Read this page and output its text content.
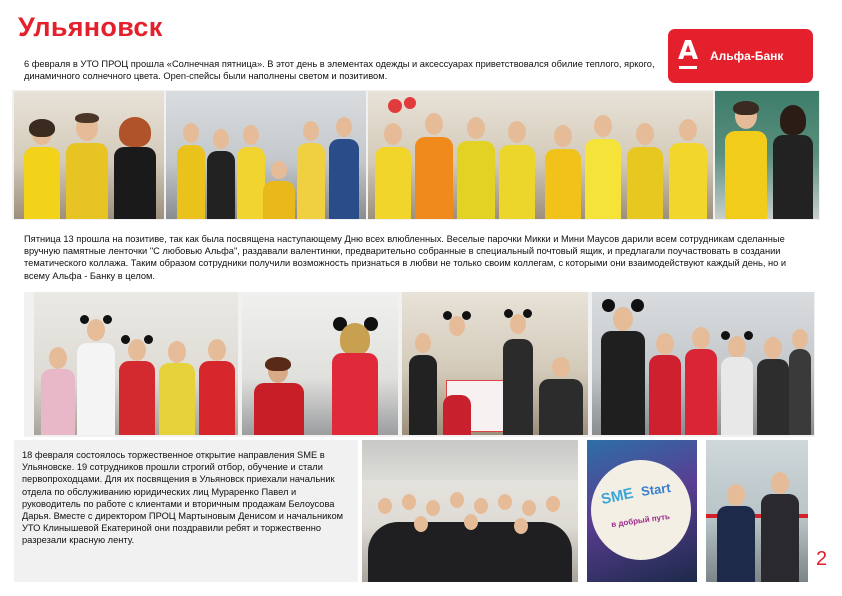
Ульяновск
А Альфа-Банк
6 февраля в УТО ПРОЦ прошла «Солнечная пятница». В этот день в элементах одежды и аксессуарах приветствовался обилие теплого, яркого, динамичного солнечного цвета. Open-спейсы были наполнены светом и позитивом.
Пятница 13 прошла на позитиве, так как была посвящена наступающему Дню всех влюбленных. Веселые парочки Микки и Мини Маусов дарили всем сотрудникам сделанные вручную памятные ленточки "С любовью Альфа", раздавали валентинки, предварительно собранные в специальный почтовый ящик, и предлагали поучаствовать в создании тематического коллажа. Таким образом сотрудники получили возможность признаться в любви не только своим коллегам, с которыми они взаимодействуют каждый день, но и всему Альфа - Банку в целом.
18 февраля состоялось торжественное открытие направления SME в Ульяновске. 19 сотрудников прошли строгий отбор, обучение и стали первопроходцами. Для их посвящения в Ульяновск приехали начальник отдела по обслуживанию юридических лиц Мураренко Павел и руководитель по работе с клиентами и вторичным продажам Белоусова Дарья. Вместе с директором ПРОЦ Мартыновым Денисом и начальником УТО Клинышевой Екатериной они поздравили ребят и торжественно разрезали красную ленту.
SME Start
в добрый путь
2
